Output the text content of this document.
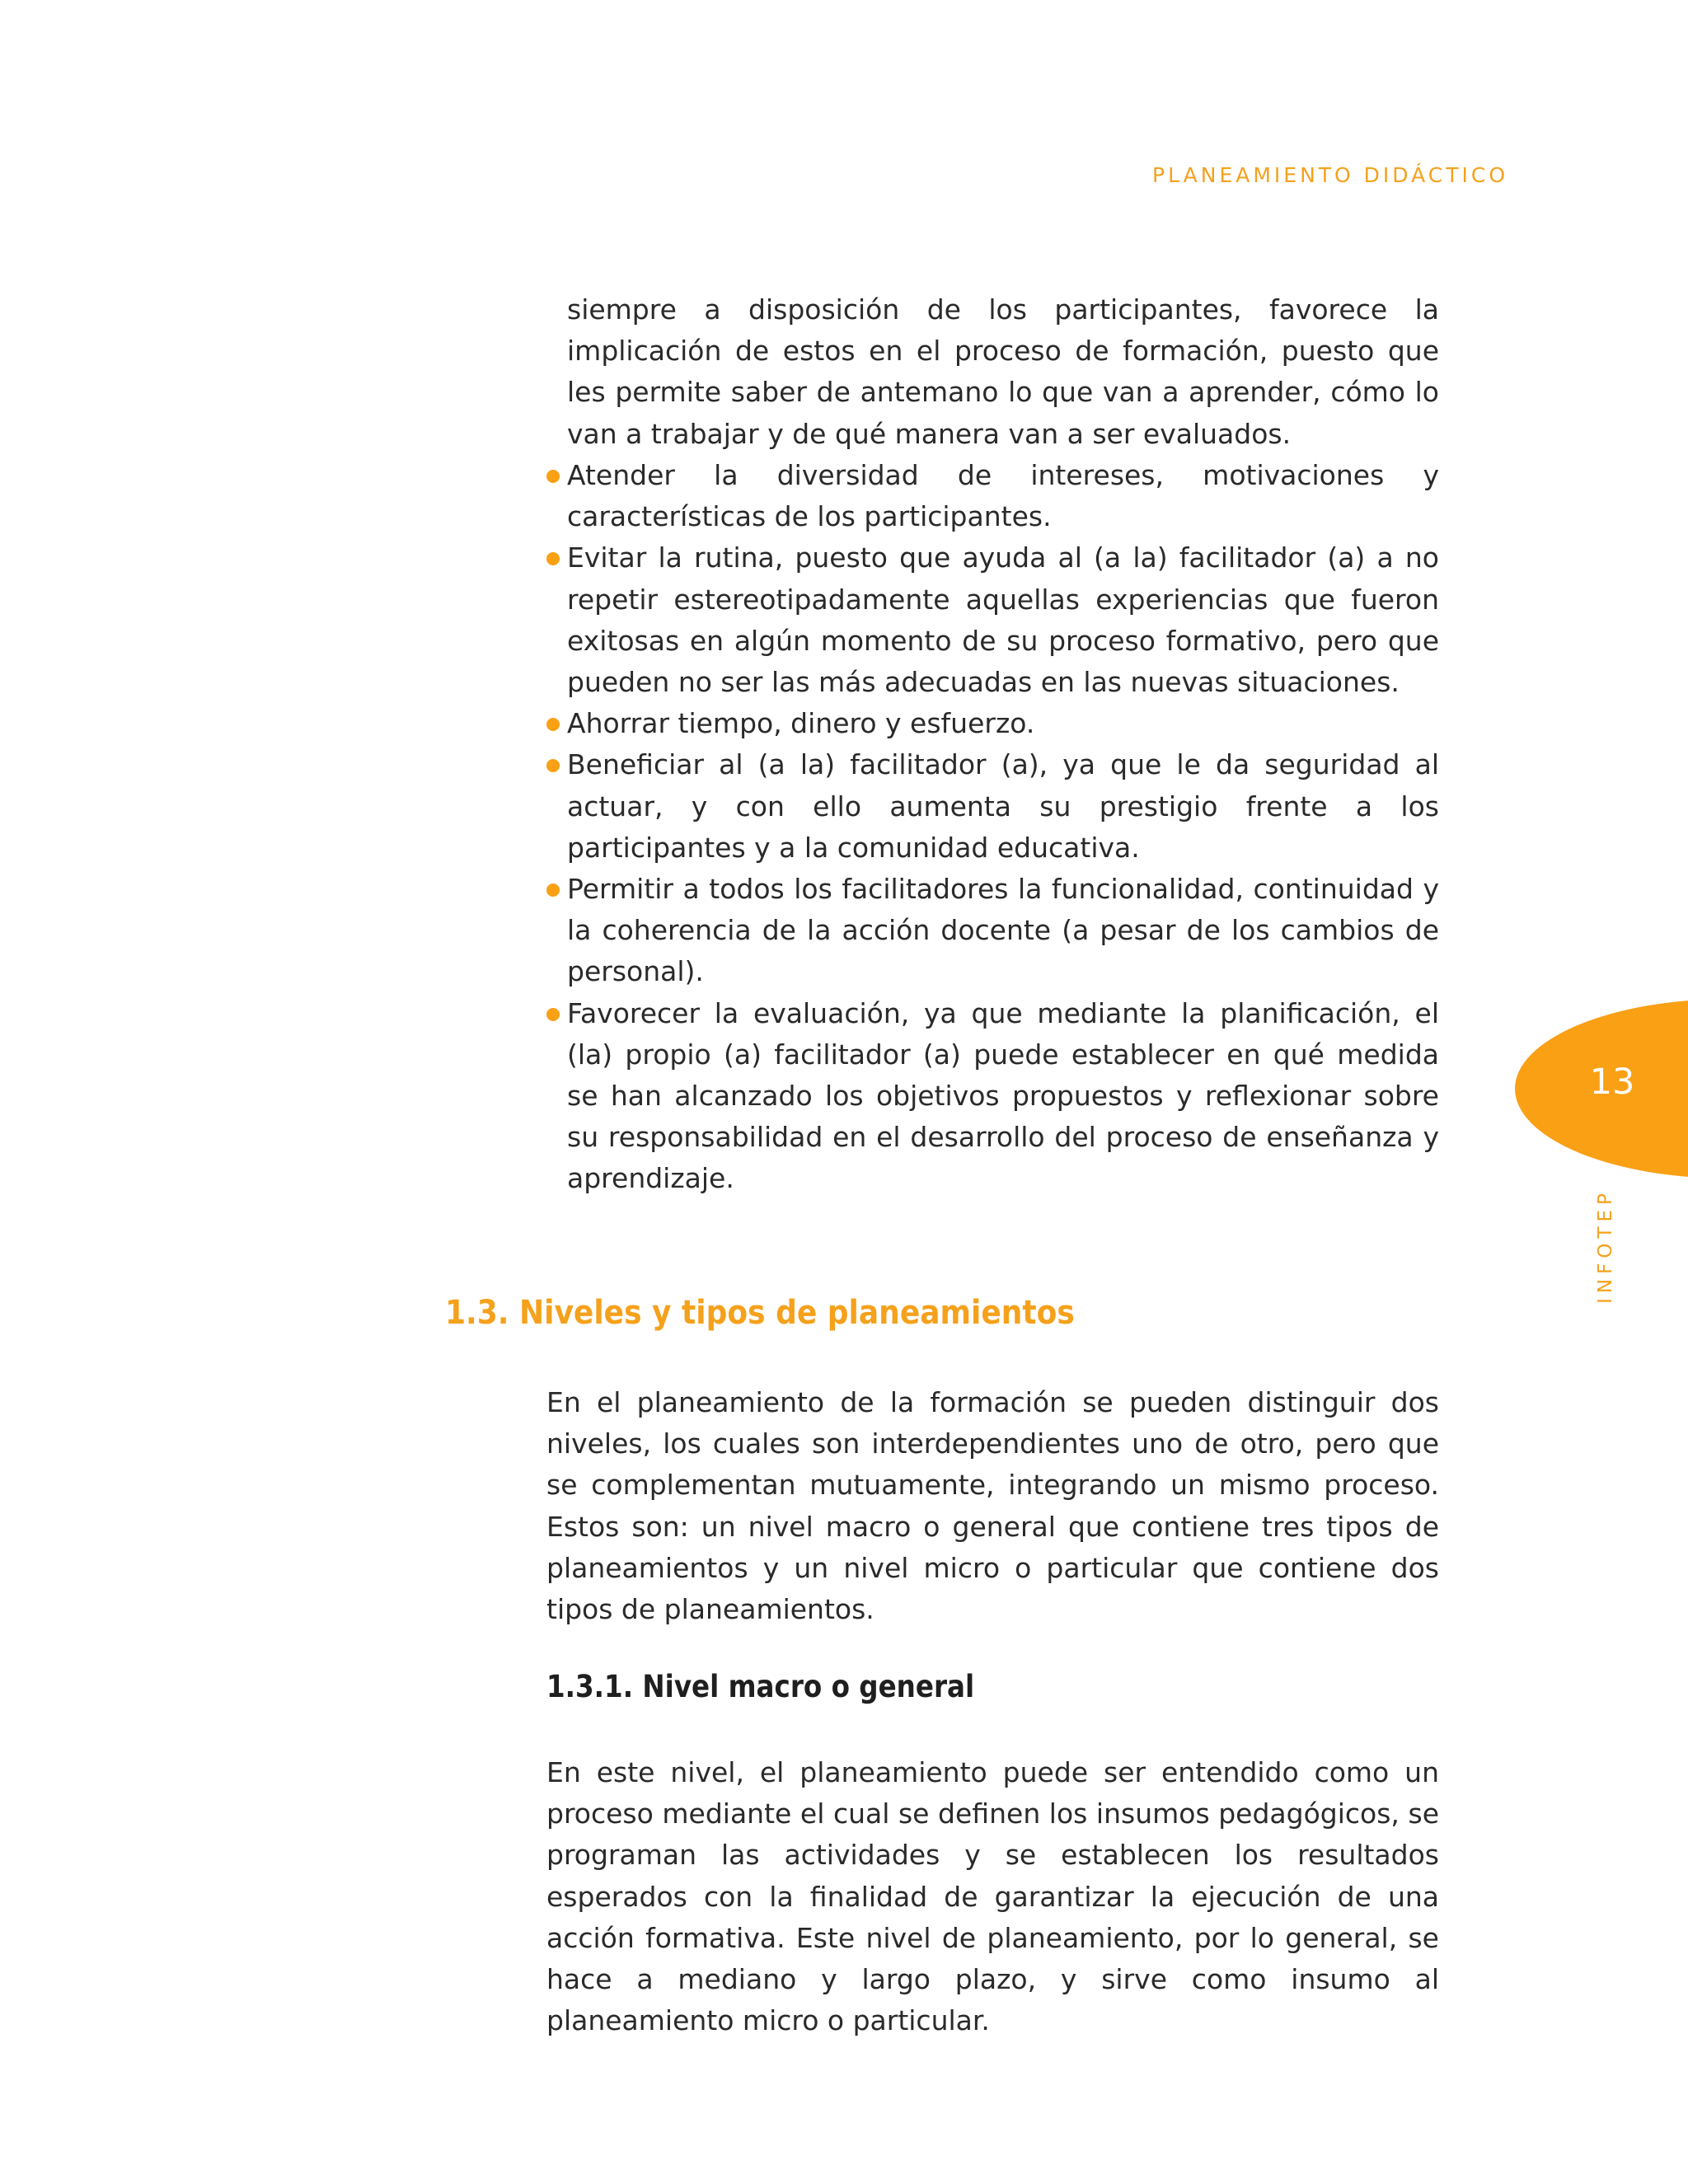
PLANEAMIENTO DIDÁCTICO
13
INFOTEP

siempre a disposición de los participantes, favorece la implicación de estos en el proceso de formación, puesto que les permite saber de antemano lo que van a aprender, cómo lo van a trabajar y de qué manera van a ser evaluados.

Atender la diversidad de intereses, motivaciones y características de los participantes.
Evitar la rutina, puesto que ayuda al (a la) facilitador (a) a no repetir estereotipadamente aquellas experiencias que fueron exitosas en algún momento de su proceso formativo, pero que pueden no ser las más adecuadas en las nuevas situaciones.
Ahorrar tiempo, dinero y esfuerzo.
Beneficiar al (a la) facilitador (a), ya que le da seguridad al actuar, y con ello aumenta su prestigio frente a los participantes y a la comunidad educativa.
Permitir a todos los facilitadores la funcionalidad, continuidad y la coherencia de la acción docente (a pesar de los cambios de personal).
Favorecer la evaluación, ya que mediante la planificación, el (la) propio (a) facilitador (a) puede establecer en qué medida se han alcanzado los objetivos propuestos y reflexionar sobre su responsabilidad en el desarrollo del proceso de enseñanza y aprendizaje.
1.3. Niveles y tipos de planeamientos

En el planeamiento de la formación se pueden distinguir dos niveles, los cuales son interdependientes uno de otro, pero que se complementan mutuamente, integrando un mismo proceso. Estos son: un nivel macro o general que contiene tres tipos de planeamientos y un nivel micro o particular que contiene dos tipos de planeamientos.

1.3.1. Nivel macro o general

En este nivel, el planeamiento puede ser entendido como un proceso mediante el cual se definen los insumos pedagógicos, se programan las actividades y se establecen los resultados esperados con la finalidad de garantizar la ejecución de una acción formativa. Este nivel de planeamiento, por lo general, se hace a mediano y largo plazo, y sirve como insumo al planeamiento micro o particular.
